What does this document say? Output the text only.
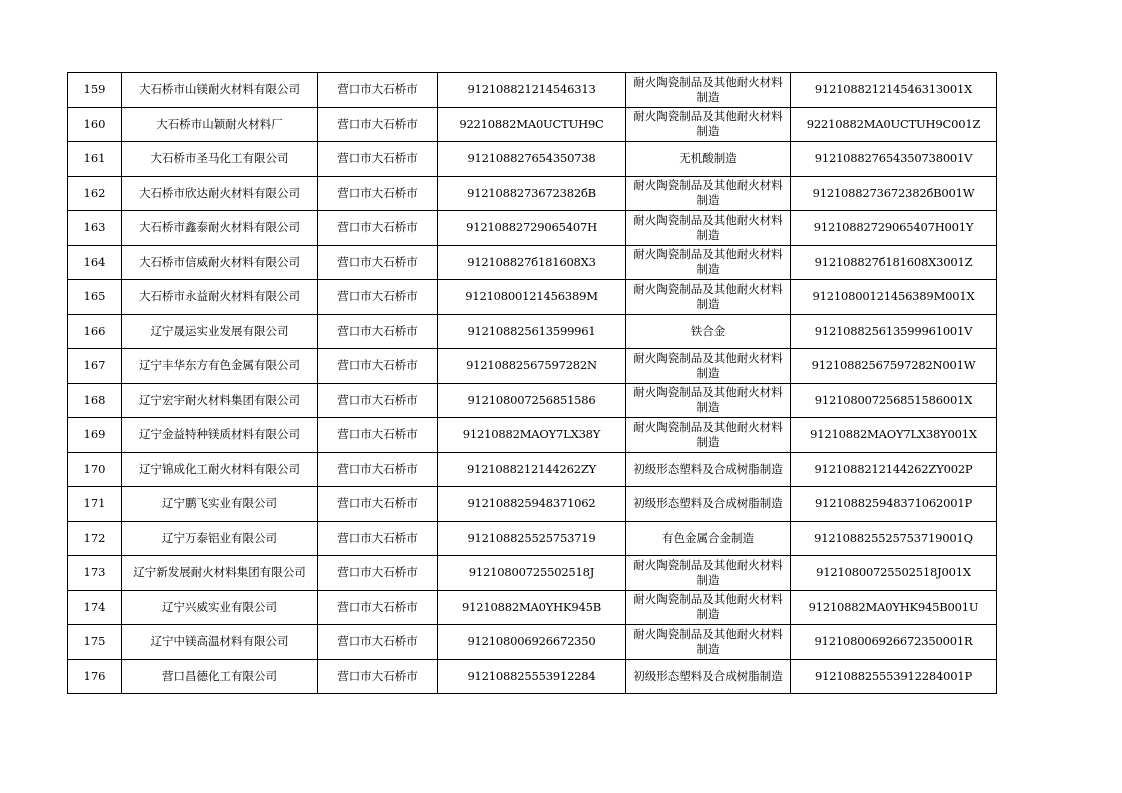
159	大石桥市山镁耐火材料有限公司	营口市大石桥市	91210882121454631З	耐火陶瓷制品及其他耐火材料制造	91210882121454631З001X
160	大石桥市山颖耐火材料厂	营口市大石桥市	92210882MA0UCTUH9C	耐火陶瓷制品及其他耐火材料制造	92210882MA0UCTUH9C001Z
161	大石桥市圣马化工有限公司	营口市大石桥市	912108827654350738	无机酸制造	912108827654350738001V
162	大石桥市欣达耐火材料有限公司	营口市大石桥市	9121088273672382бB	耐火陶瓷制品及其他耐火材料制造	9121088273672382бB001W
163	大石桥市鑫泰耐火材料有限公司	营口市大石桥市	91210882729065407H	耐火陶瓷制品及其他耐火材料制造	91210882729065407H001Y
164	大石桥市信威耐火材料有限公司	营口市大石桥市	912108827б181608X3	耐火陶瓷制品及其他耐火材料制造	912108827б181608X3001Z
165	大石桥市永益耐火材料有限公司	营口市大石桥市	91210800121456389M	耐火陶瓷制品及其他耐火材料制造	91210800121456389M001X
166	辽宁晟运实业发展有限公司	营口市大石桥市	912108825613599961	铁合金	912108825613599961001V
167	辽宁丰华东方有色金属有限公司	营口市大石桥市	91210882567597282N	耐火陶瓷制品及其他耐火材料制造	91210882567597282N001W
168	辽宁宏宇耐火材料集团有限公司	营口市大石桥市	912108007256851586	耐火陶瓷制品及其他耐火材料制造	912108007256851586001X
169	辽宁金益特种镁质材料有限公司	营口市大石桥市	91210882MAOY7LX38Y	耐火陶瓷制品及其他耐火材料制造	91210882MAOY7LX38Y001X
170	辽宁锦成化工耐火材料有限公司	营口市大石桥市	9121088212144262ZY	初级形态塑料及合成树脂制造	9121088212144262ZY002P
171	辽宁鹏飞实业有限公司	营口市大石桥市	912108825948371062	初级形态塑料及合成树脂制造	912108825948371062001P
172	辽宁万泰铝业有限公司	营口市大石桥市	912108825525753719	有色金属合金制造	912108825525753719001Q
173	辽宁新发展耐火材料集团有限公司	营口市大石桥市	91210800725502518J	耐火陶瓷制品及其他耐火材料制造	91210800725502518J001X
174	辽宁兴威实业有限公司	营口市大石桥市	91210882MA0YHK945B	耐火陶瓷制品及其他耐火材料制造	91210882MA0YHK945B001U
175	辽宁中镁高温材料有限公司	营口市大石桥市	912108006926672350	耐火陶瓷制品及其他耐火材料制造	912108006926672350001R
176	营口昌德化工有限公司	营口市大石桥市	912108825553912284	初级形态塑料及合成树脂制造	912108825553912284001P
